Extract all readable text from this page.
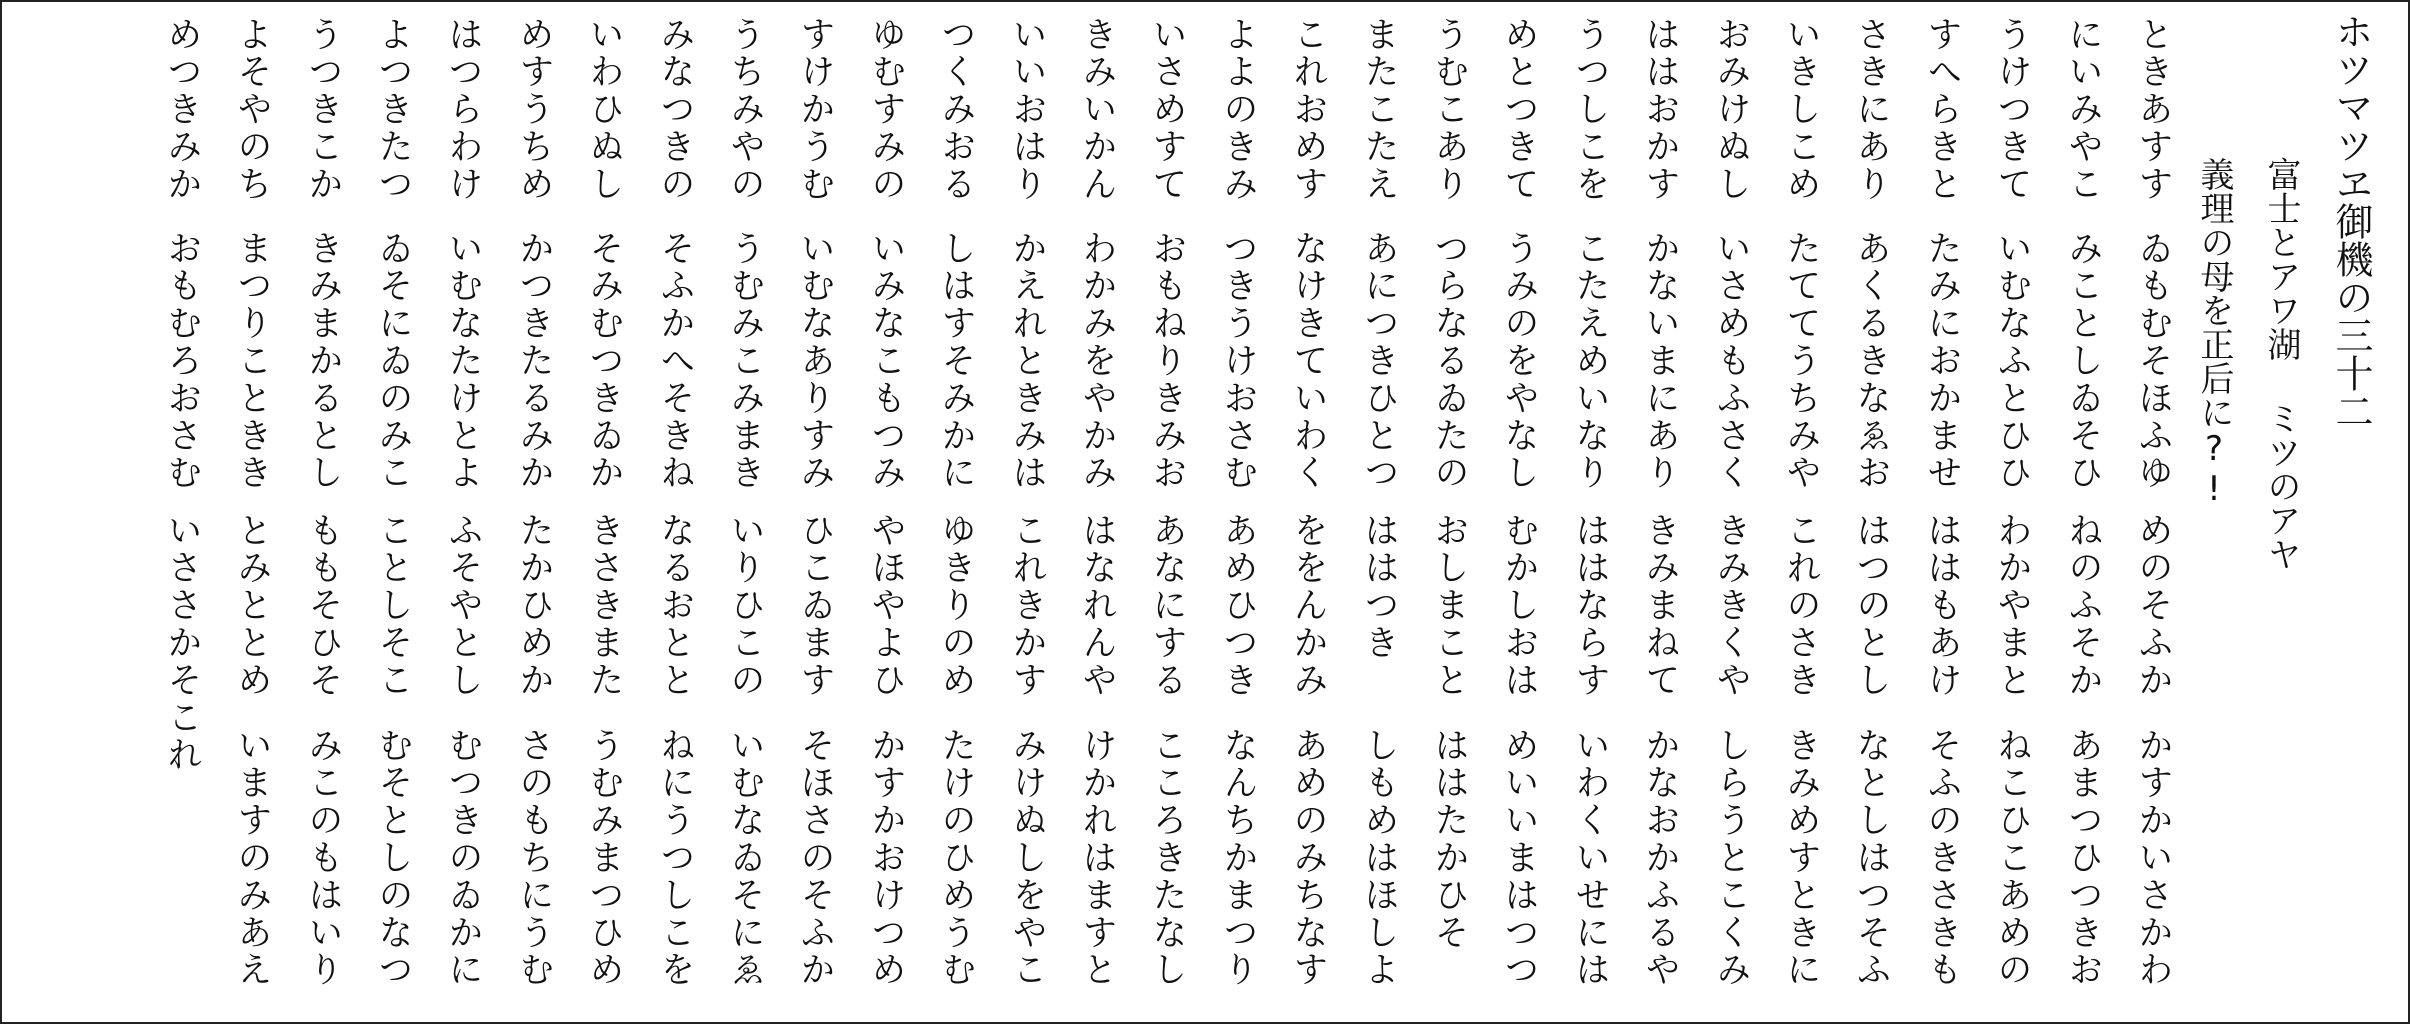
ホツマツヱ御機の三十二
富士とアワ湖 ミツのアヤ
義理の母を正后に?!
ときあすす
ゐもむそほふゆ
めのそふか
かすかいさかわ
にいみやこ
みことしゐそひ
ねのふそか
あまつひつきお
うけつきて
いむなふとひひ
わかやまと
ねこひこあめの
すへらきと
たみにおかませ
ははもあけ
そふのきさきも
さきにあり
あくるきなゑお
はつのとし
なとしはつそふ
いきしこめ
たててうちみや
これのさき
きみめすときに
おみけぬし
いさめもふさく
きみきくや
しらうとこくみ
ははおかす
かないまにあり
きみまねて
かなおかふるや
うつしこを
こたえめいなり
ははならす
いわくいせには
めとつきて
うみのをやなし
むかしおは
めいいまはつつ
うむこあり
つらなるゐたの
おしまこと
ははたかひそ
またこたえ
あにつきひとつ
ははつき
しもめはほしよ
これおめす
なけきていわく
ををんかみ
あめのみちなす
よよのきみ
つきうけおさむ
あめひつき
なんちかまつり
いさめすて
おもねりきみお
あなにする
こころきたなし
きみいかん
わかみをやかみ
はなれんや
けかれはますと
いいおはり
かえれときみは
これきかす
みけぬしをやこ
つくみおる
しはすそみかに
ゆきりのめ
たけのひめうむ
ゆむすみの
いみなこもつみ
やほやよひ
かすかおけつめ
すけかうむ
いむなありすみ
ひこゐます
そほさのそふか
うちみやの
うむみこみまき
いりひこの
いむなゐそにゑ
みなつきの
そふかへそきね
なるおとと
ねにうつしこを
いわひぬし
そみむつきゐか
きさきまた
うむみまつひめ
めすうちめ
かつきたるみか
たかひめか
さのもちにうむ
はつらわけ
いむなたけとよ
ふそやとし
むつきのゐかに
よつきたつ
ゐそにゐのみこ
ことしそこ
むそとしのなつ
うつきこか
きみまかるとし
ももそひそ
みこのもはいり
よそやのち
まつりこときき
とみととめ
いますのみあえ
めつきみか
おもむろおさむ
いささかそこれ
